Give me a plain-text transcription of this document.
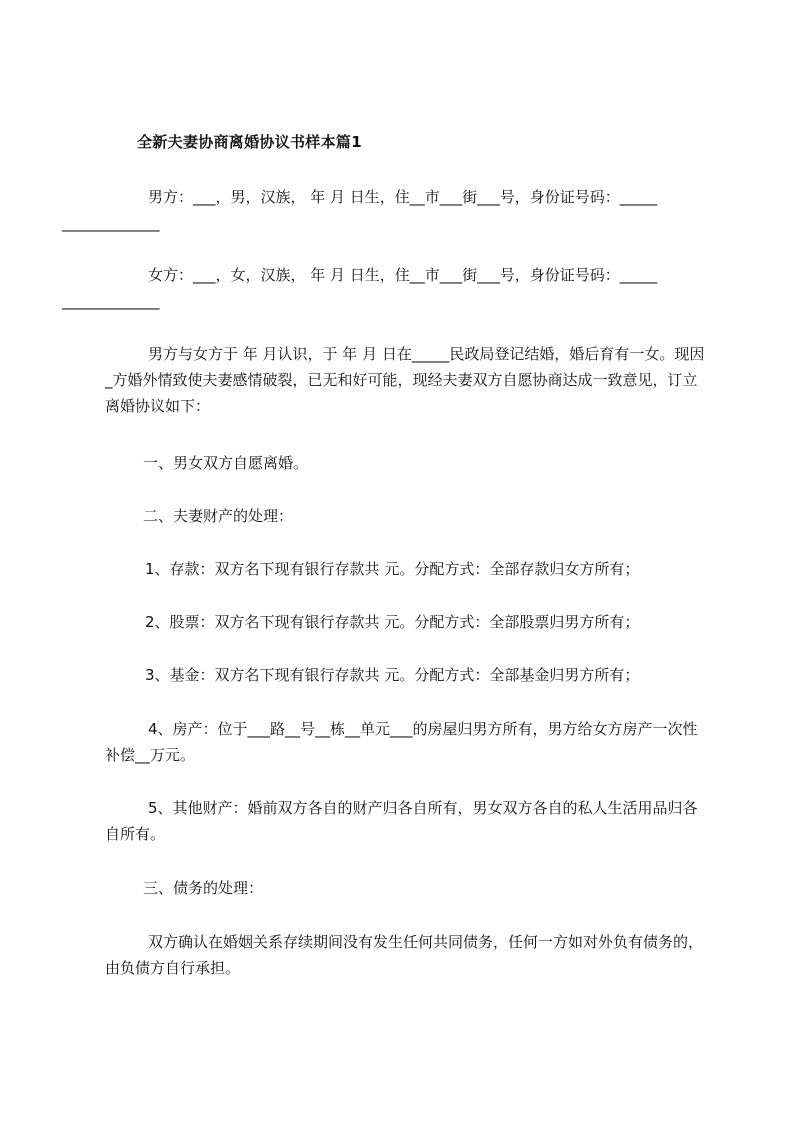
全新夫妻协商离婚协议书样本篇1

男方：___，男，汉族， 年 月 日生，住__市___街___号，身份证号码：_____
_____________

女方：___，女，汉族， 年 月 日生，住__市___街___号，身份证号码：_____
_____________

男方与女方于 年 月认识，于 年 月 日在_____民政局登记结婚，婚后育有一女。现因_方婚外情致使夫妻感情破裂，已无和好可能，现经夫妻双方自愿协商达成一致意见，订立离婚协议如下：

一、男女双方自愿离婚。

二、夫妻财产的处理：

1、存款：双方名下现有银行存款共 元。分配方式：全部存款归女方所有；

2、股票：双方名下现有银行存款共 元。分配方式：全部股票归男方所有；

3、基金：双方名下现有银行存款共 元。分配方式：全部基金归男方所有；

4、房产：位于___路__号__栋__单元___的房屋归男方所有，男方给女方房产一次性补偿__万元。

5、其他财产：婚前双方各自的财产归各自所有，男女双方各自的私人生活用品归各自所有。

三、债务的处理：

双方确认在婚姻关系存续期间没有发生任何共同债务，任何一方如对外负有债务的，由负债方自行承担。
